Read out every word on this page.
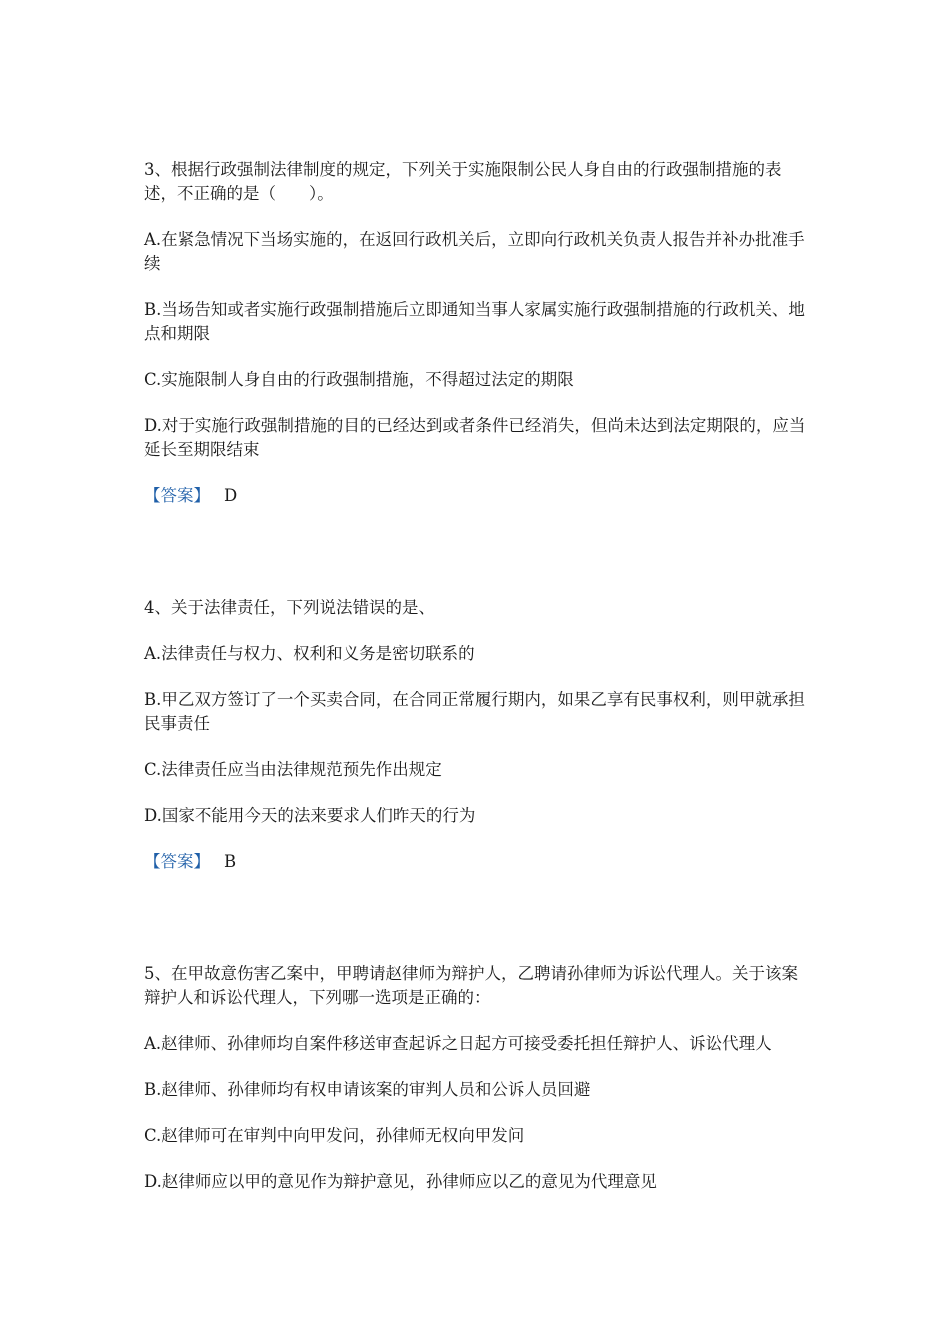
3、根据行政强制法律制度的规定，下列关于实施限制公民人身自由的行政强制措施的表述，不正确的是（　　）。

A.在紧急情况下当场实施的，在返回行政机关后，立即向行政机关负责人报告并补办批准手续

B.当场告知或者实施行政强制措施后立即通知当事人家属实施行政强制措施的行政机关、地点和期限

C.实施限制人身自由的行政强制措施，不得超过法定的期限

D.对于实施行政强制措施的目的已经达到或者条件已经消失，但尚未达到法定期限的，应当延长至期限结束

【答案】 D

4、关于法律责任，下列说法错误的是、

A.法律责任与权力、权利和义务是密切联系的

B.甲乙双方签订了一个买卖合同，在合同正常履行期内，如果乙享有民事权利，则甲就承担民事责任

C.法律责任应当由法律规范预先作出规定

D.国家不能用今天的法来要求人们昨天的行为

【答案】 B

5、在甲故意伤害乙案中，甲聘请赵律师为辩护人，乙聘请孙律师为诉讼代理人。关于该案辩护人和诉讼代理人，下列哪一选项是正确的：

A.赵律师、孙律师均自案件移送审查起诉之日起方可接受委托担任辩护人、诉讼代理人

B.赵律师、孙律师均有权申请该案的审判人员和公诉人员回避

C.赵律师可在审判中向甲发问，孙律师无权向甲发问

D.赵律师应以甲的意见作为辩护意见，孙律师应以乙的意见为代理意见
